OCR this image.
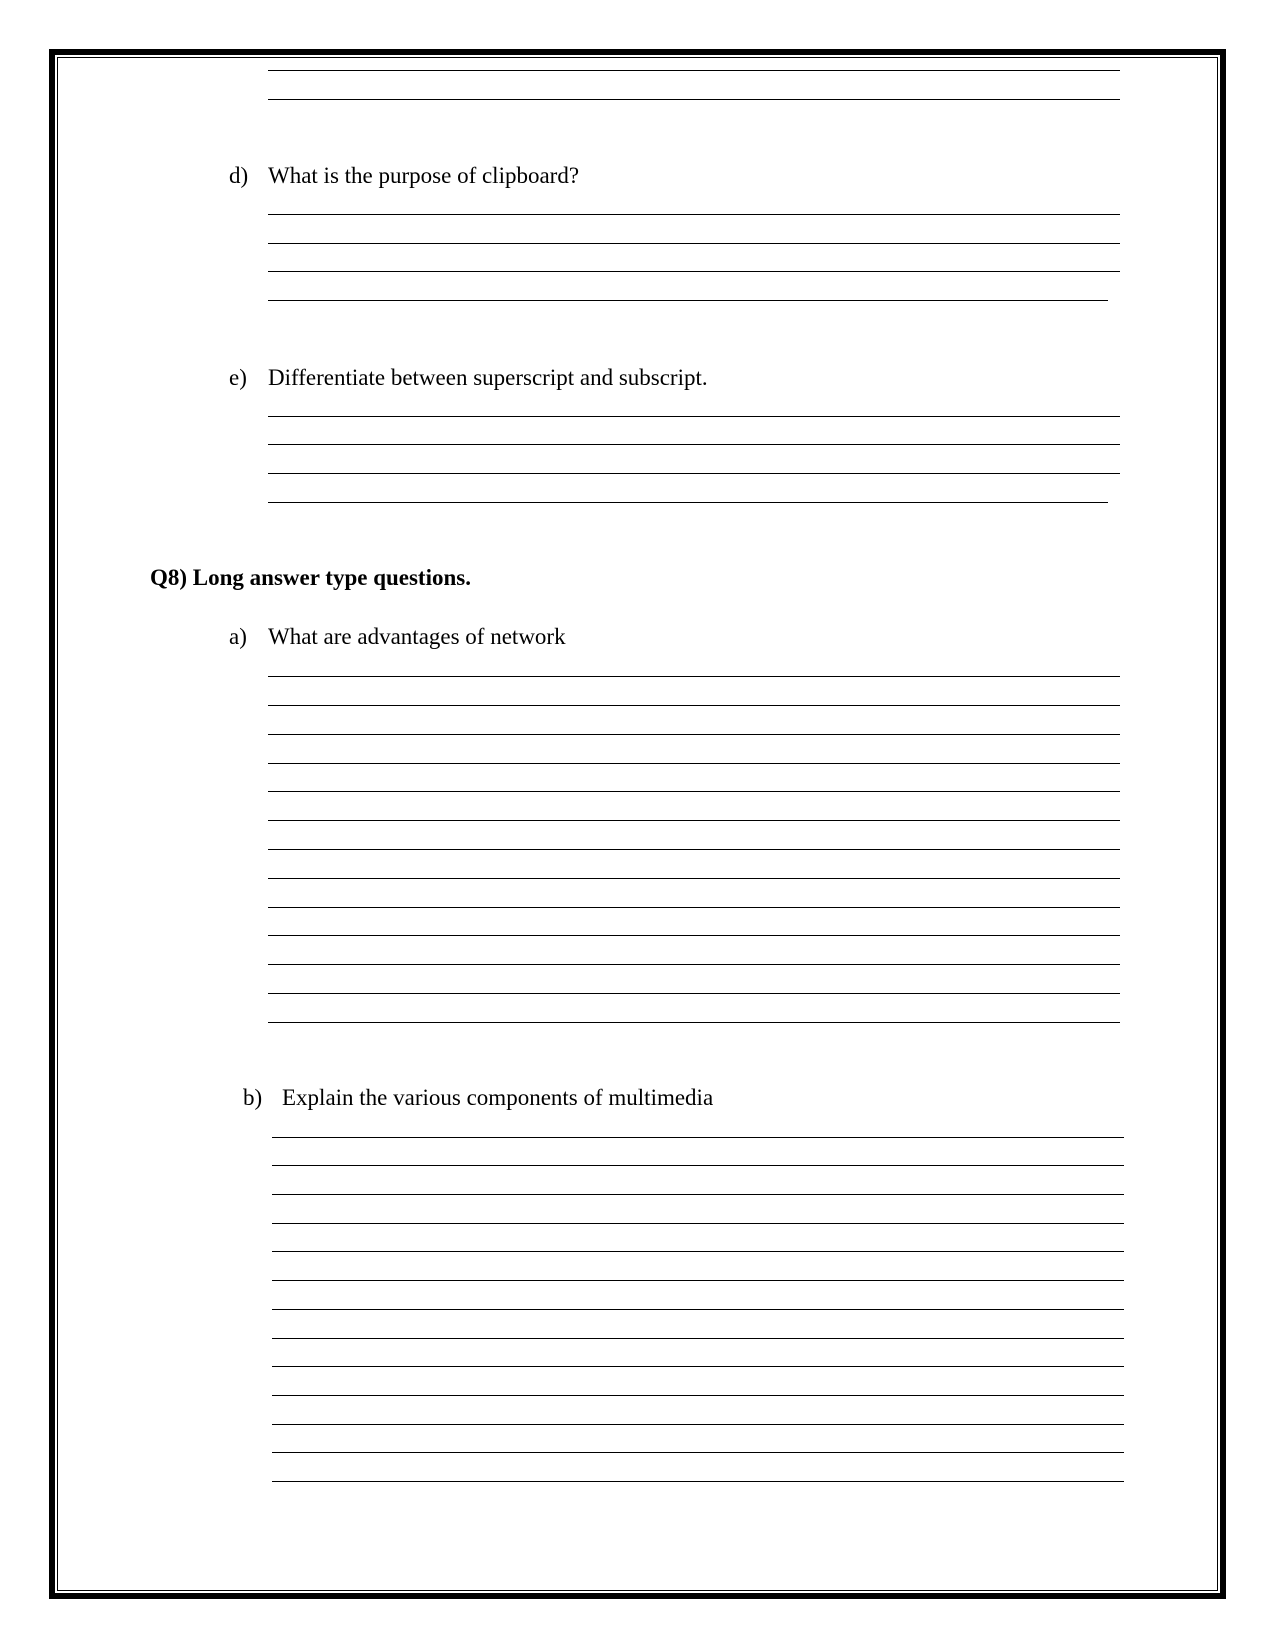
d) What is the purpose of clipboard?
e) Differentiate between superscript and subscript.
Q8) Long answer type questions.
a) What are advantages of network
b) Explain the various components of multimedia
